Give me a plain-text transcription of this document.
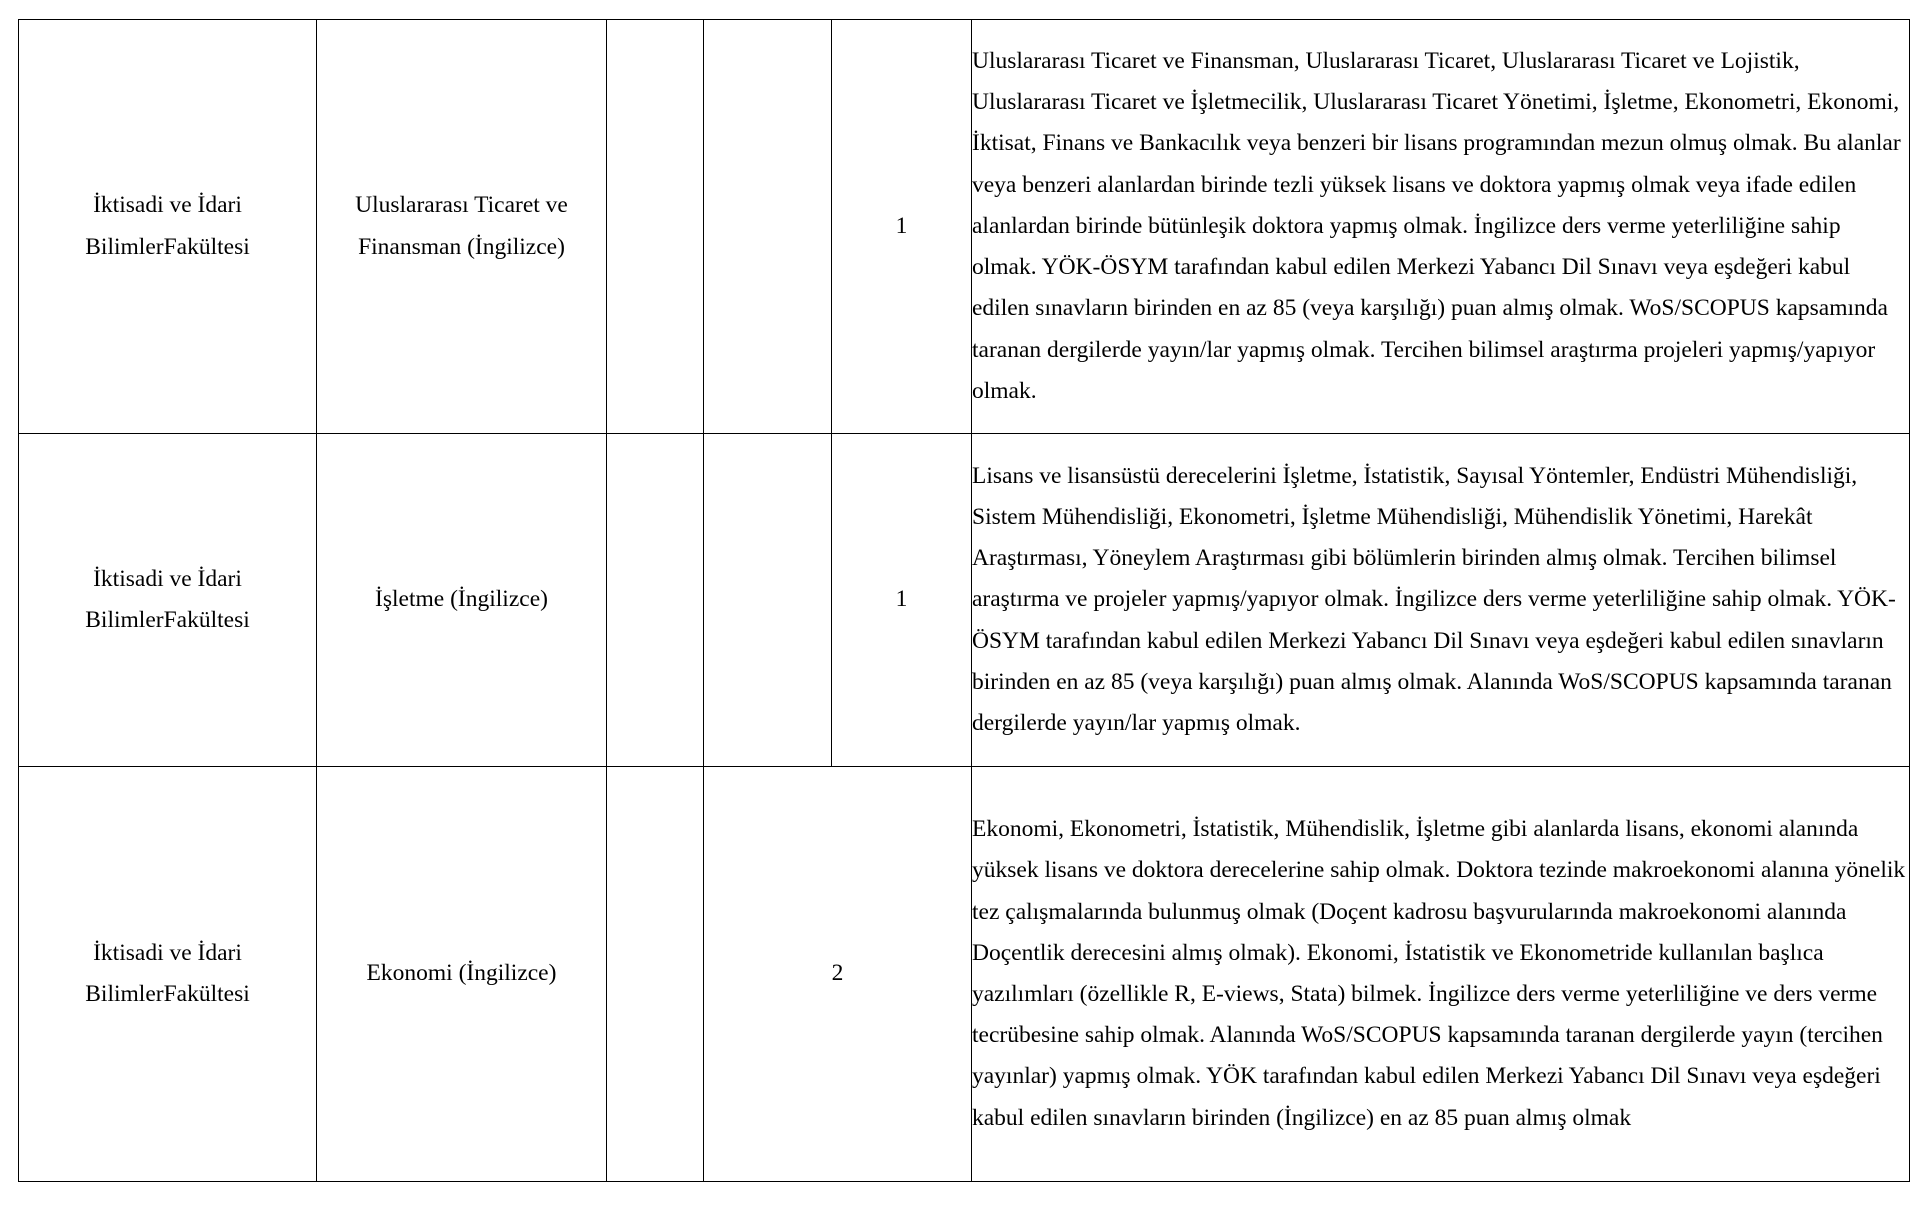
İktisadi ve İdari BilimlerFakültesi	Uluslararası Ticaret ve Finansman (İngilizce)			1	Uluslararası Ticaret ve Finansman, Uluslararası Ticaret, Uluslararası Ticaret ve Lojistik, Uluslararası Ticaret ve İşletmecilik, Uluslararası Ticaret Yönetimi, İşletme, Ekonometri, Ekonomi, İktisat, Finans ve Bankacılık veya benzeri bir lisans programından mezun olmuş olmak. Bu alanlar veya benzeri alanlardan birinde tezli yüksek lisans ve doktora yapmış olmak veya ifade edilen alanlardan birinde bütünleşik doktora yapmış olmak. İngilizce ders verme yeterliliğine sahip olmak. YÖK-ÖSYM tarafından kabul edilen Merkezi Yabancı Dil Sınavı veya eşdeğeri kabul edilen sınavların birinden en az 85 (veya karşılığı) puan almış olmak. WoS/SCOPUS kapsamında taranan dergilerde yayın/lar yapmış olmak. Tercihen bilimsel araştırma projeleri yapmış/yapıyor olmak.
İktisadi ve İdari BilimlerFakültesi	İşletme (İngilizce)			1	Lisans ve lisansüstü derecelerini İşletme, İstatistik, Sayısal Yöntemler, Endüstri Mühendisliği, Sistem Mühendisliği, Ekonometri, İşletme Mühendisliği, Mühendislik Yönetimi, Harekât Araştırması, Yöneylem Araştırması gibi bölümlerin birinden almış olmak. Tercihen bilimsel araştırma ve projeler yapmış/yapıyor olmak. İngilizce ders verme yeterliliğine sahip olmak. YÖK-ÖSYM tarafından kabul edilen Merkezi Yabancı Dil Sınavı veya eşdeğeri kabul edilen sınavların birinden en az 85 (veya karşılığı) puan almış olmak. Alanında WoS/SCOPUS kapsamında taranan dergilerde yayın/lar yapmış olmak.
İktisadi ve İdari BilimlerFakültesi	Ekonomi (İngilizce)		2		Ekonomi, Ekonometri, İstatistik, Mühendislik, İşletme gibi alanlarda lisans, ekonomi alanında yüksek lisans ve doktora derecelerine sahip olmak. Doktora tezinde makroekonomi alanına yönelik tez çalışmalarında bulunmuş olmak (Doçent kadrosu başvurularında makroekonomi alanında Doçentlik derecesini almış olmak). Ekonomi, İstatistik ve Ekonometride kullanılan başlıca yazılımları (özellikle R, E-views, Stata) bilmek. İngilizce ders verme yeterliliğine ve ders verme tecrübesine sahip olmak. Alanında WoS/SCOPUS kapsamında taranan dergilerde yayın (tercihen yayınlar) yapmış olmak. YÖK tarafından kabul edilen Merkezi Yabancı Dil Sınavı veya eşdeğeri kabul edilen sınavların birinden (İngilizce) en az 85 puan almış olmak
